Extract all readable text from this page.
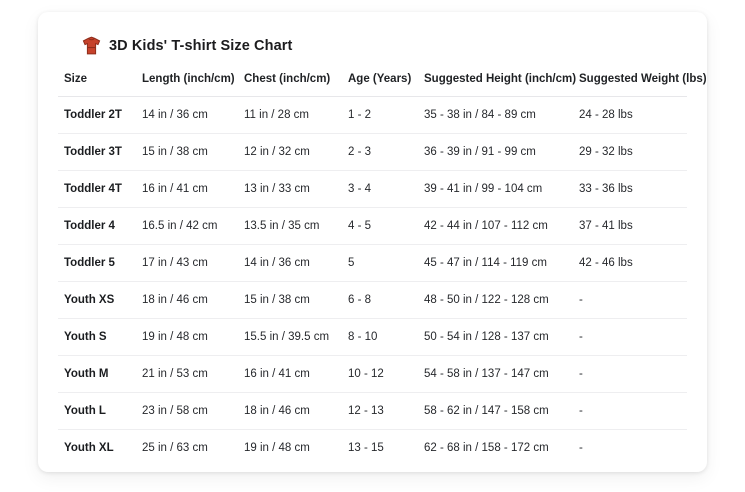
3D Kids' T-shirt Size Chart
Size	Length (inch/cm)	Chest (inch/cm)	Age (Years)	Suggested Height (inch/cm)	Suggested Weight (lbs)
Toddler 2T	14 in / 36 cm	11 in / 28 cm	1 - 2	35 - 38 in / 84 - 89 cm	24 - 28 lbs
Toddler 3T	15 in / 38 cm	12 in / 32 cm	2 - 3	36 - 39 in / 91 - 99 cm	29 - 32 lbs
Toddler 4T	16 in / 41 cm	13 in / 33 cm	3 - 4	39 - 41 in / 99 - 104 cm	33 - 36 lbs
Toddler 4	16.5 in / 42 cm	13.5 in / 35 cm	4 - 5	42 - 44 in / 107 - 112 cm	37 - 41 lbs
Toddler 5	17 in / 43 cm	14 in / 36 cm	5	45 - 47 in / 114 - 119 cm	42 - 46 lbs
Youth XS	18 in / 46 cm	15 in / 38 cm	6 - 8	48 - 50 in / 122 - 128 cm	-
Youth S	19 in / 48 cm	15.5 in / 39.5 cm	8 - 10	50 - 54 in / 128 - 137 cm	-
Youth M	21 in / 53 cm	16 in / 41 cm	10 - 12	54 - 58 in / 137 - 147 cm	-
Youth L	23 in / 58 cm	18 in / 46 cm	12 - 13	58 - 62 in / 147 - 158 cm	-
Youth XL	25 in / 63 cm	19 in / 48 cm	13 - 15	62 - 68 in / 158 - 172 cm	-
